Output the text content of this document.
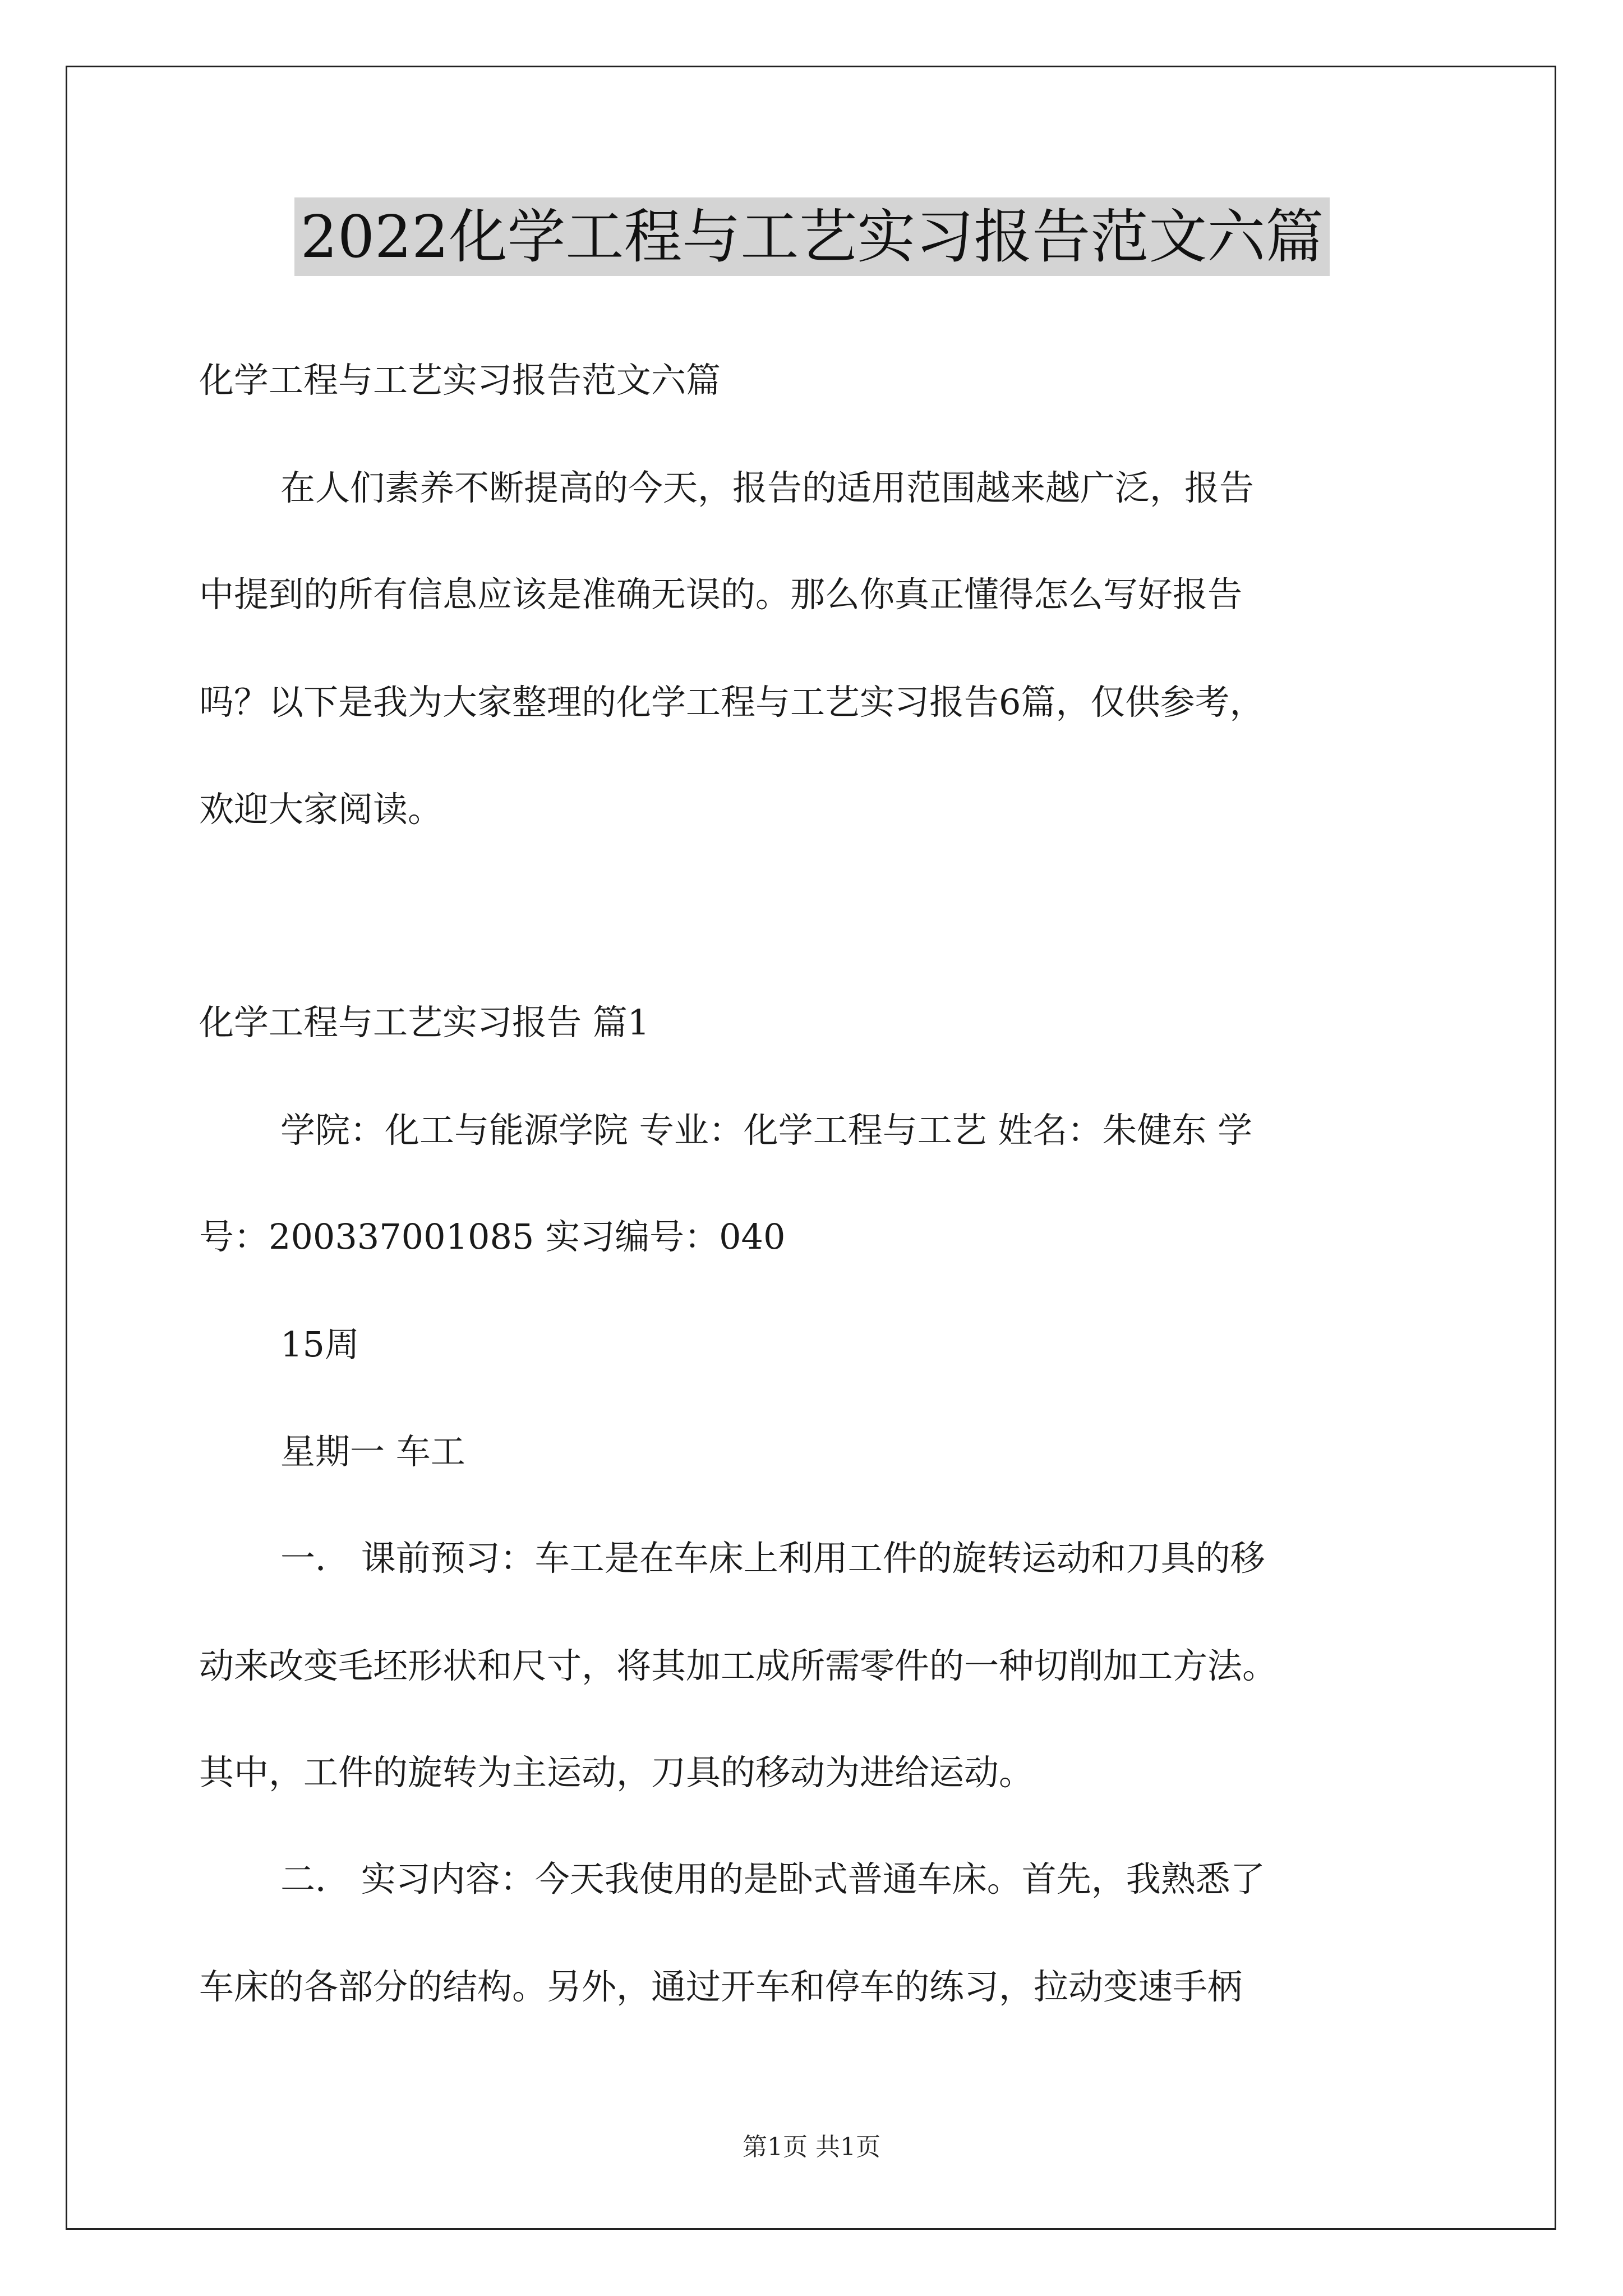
2022化学工程与工艺实习报告范文六篇
化学工程与工艺实习报告范文六篇
在人们素养不断提高的今天，报告的适用范围越来越广泛，报告
中提到的所有信息应该是准确无误的。那么你真正懂得怎么写好报告
吗？以下是我为大家整理的化学工程与工艺实习报告6篇，仅供参考，
欢迎大家阅读。
化学工程与工艺实习报告 篇1
学院：化工与能源学院 专业：化学工程与工艺 姓名：朱健东 学
号：200337001085 实习编号：040
15周
星期一 车工
一． 课前预习：车工是在车床上利用工件的旋转运动和刀具的移
动来改变毛坯形状和尺寸，将其加工成所需零件的一种切削加工方法。
其中，工件的旋转为主运动，刀具的移动为进给运动。
二． 实习内容：今天我使用的是卧式普通车床。首先，我熟悉了
车床的各部分的结构。另外，通过开车和停车的练习，拉动变速手柄
第1页 共1页
